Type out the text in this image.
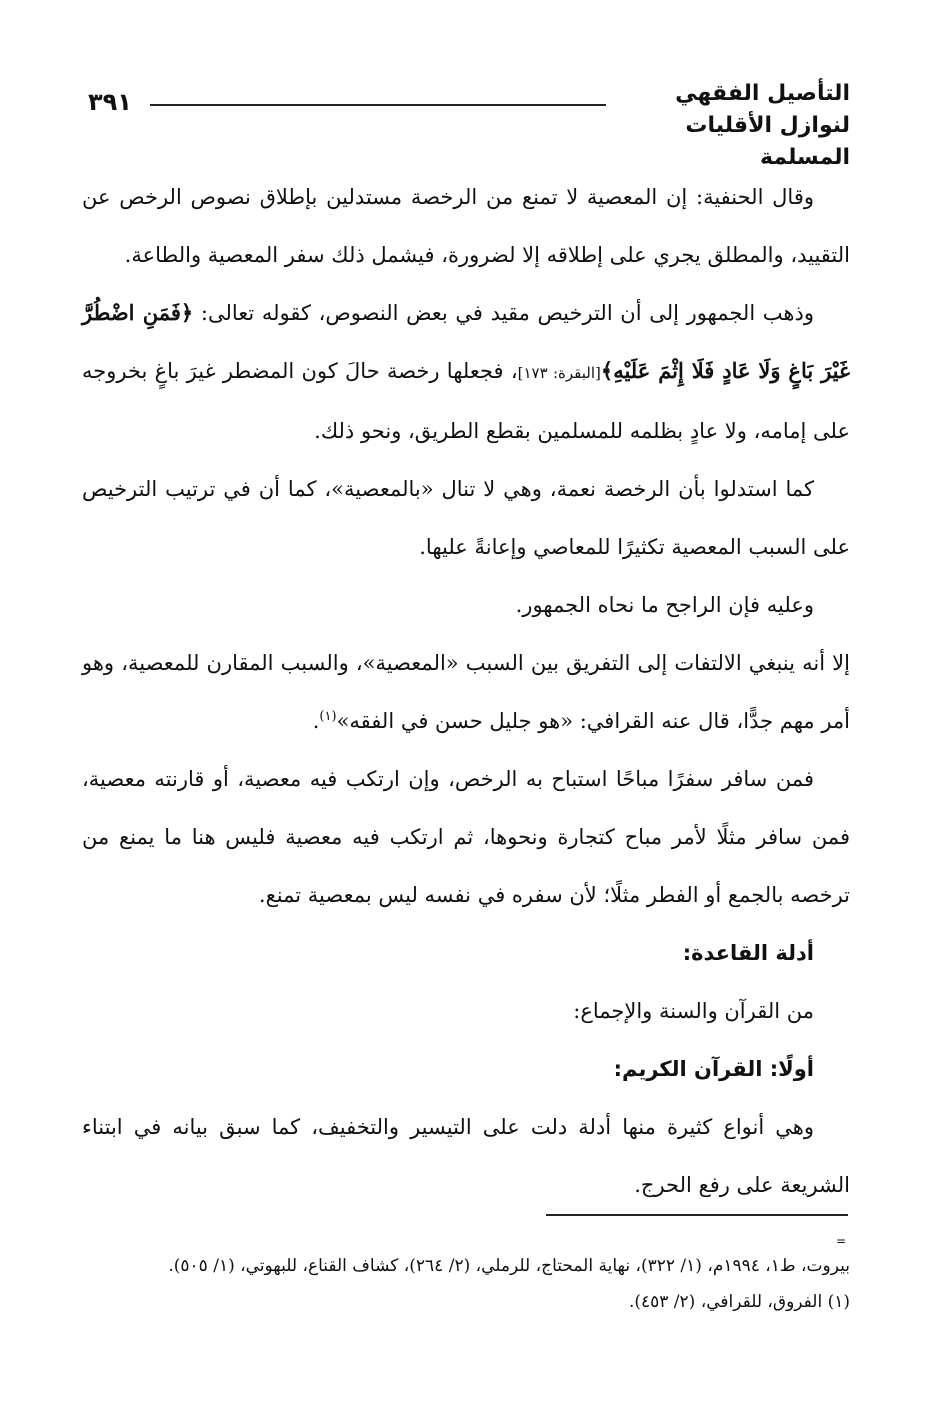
التأصيل الفقهي
لنوازل الأقليات المسلمة
٣٩١

وقال الحنفية: إن المعصية لا تمنع من الرخصة مستدلين بإطلاق نصوص الرخص عن التقييد، والمطلق يجري على إطلاقه إلا لضرورة، فيشمل ذلك سفر المعصية والطاعة.

وذهب الجمهور إلى أن الترخيص مقيد في بعض النصوص، كقوله تعالى: ﴿فَمَنِ اضْطُرَّ غَيْرَ بَاغٍ وَلَا عَادٍ فَلَا إِثْمَ عَلَيْهِ﴾[البقرة: ١٧٣]، فجعلها رخصة حالَ كون المضطر غيرَ باغٍ بخروجه على إمامه، ولا عادٍ بظلمه للمسلمين بقطع الطريق، ونحو ذلك.

كما استدلوا بأن الرخصة نعمة، وهي لا تنال «بالمعصية»، كما أن في ترتيب الترخيص على السبب المعصية تكثيرًا للمعاصي وإعانةً عليها.

وعليه فإن الراجح ما نحاه الجمهور.

إلا أنه ينبغي الالتفات إلى التفريق بين السبب «المعصية»، والسبب المقارن للمعصية، وهو أمر مهم جدًّا، قال عنه القرافي: «هو جليل حسن في الفقه»$^{(١)}$.

فمن سافر سفرًا مباحًا استباح به الرخص، وإن ارتكب فيه معصية، أو قارنته معصية، فمن سافر مثلًا لأمر مباح كتجارة ونحوها، ثم ارتكب فيه معصية فليس هنا ما يمنع من ترخصه بالجمع أو الفطر مثلًا؛ لأن سفره في نفسه ليس بمعصية تمنع.

أدلة القاعدة:

من القرآن والسنة والإجماع:

أولًا: القرآن الكريم:

وهي أنواع كثيرة منها أدلة دلت على التيسير والتخفيف، كما سبق بيانه في ابتناء الشريعة على رفع الحرج.

=

بيروت، ط١، ١٩٩٤م، (١/ ٣٢٢)، نهاية المحتاج، للرملي، (٢/ ٢٦٤)، كشاف القناع، للبهوتي، (١/ ٥٠٥).

(١) الفروق، للقرافي، (٢/ ٤٥٣).
